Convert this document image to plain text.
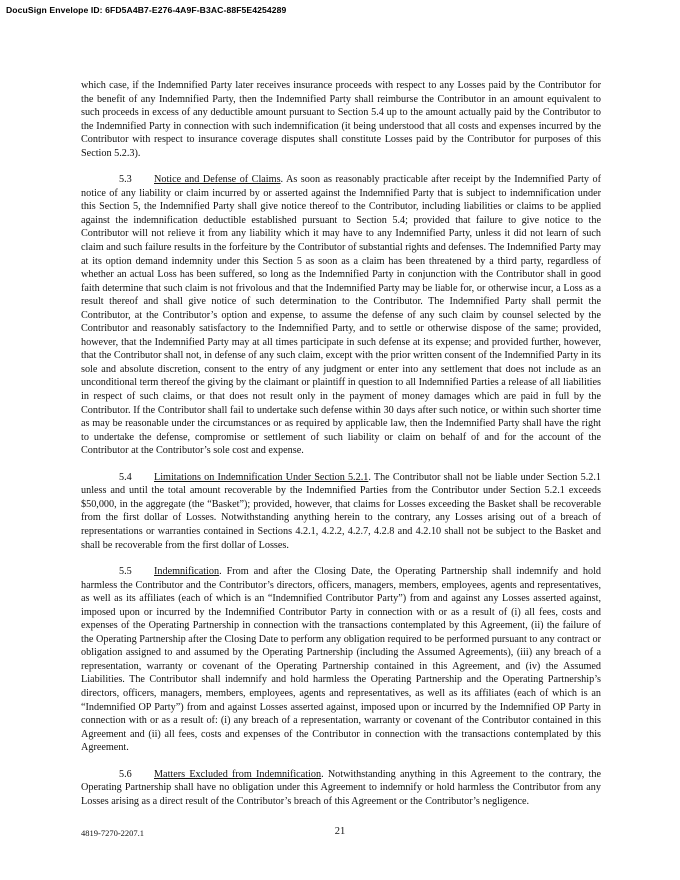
DocuSign Envelope ID: 6FD5A4B7-E276-4A9F-B3AC-88F5E4254289

which case, if the Indemnified Party later receives insurance proceeds with respect to any Losses paid by the Contributor for the benefit of any Indemnified Party, then the Indemnified Party shall reimburse the Contributor in an amount equivalent to such proceeds in excess of any deductible amount pursuant to Section 5.4 up to the amount actually paid by the Contributor to the Indemnified Party in connection with such indemnification (it being understood that all costs and expenses incurred by the Contributor with respect to insurance coverage disputes shall constitute Losses paid by the Contributor for purposes of this Section 5.2.3).

5.3 Notice and Defense of Claims. As soon as reasonably practicable after receipt by the Indemnified Party of notice of any liability or claim incurred by or asserted against the Indemnified Party that is subject to indemnification under this Section 5, the Indemnified Party shall give notice thereof to the Contributor, including liabilities or claims to be applied against the indemnification deductible established pursuant to Section 5.4; provided that failure to give notice to the Contributor will not relieve it from any liability which it may have to any Indemnified Party, unless it did not learn of such claim and such failure results in the forfeiture by the Contributor of substantial rights and defenses. The Indemnified Party may at its option demand indemnity under this Section 5 as soon as a claim has been threatened by a third party, regardless of whether an actual Loss has been suffered, so long as the Indemnified Party in conjunction with the Contributor shall in good faith determine that such claim is not frivolous and that the Indemnified Party may be liable for, or otherwise incur, a Loss as a result thereof and shall give notice of such determination to the Contributor. The Indemnified Party shall permit the Contributor, at the Contributor’s option and expense, to assume the defense of any such claim by counsel selected by the Contributor and reasonably satisfactory to the Indemnified Party, and to settle or otherwise dispose of the same; provided, however, that the Indemnified Party may at all times participate in such defense at its expense; and provided further, however, that the Contributor shall not, in defense of any such claim, except with the prior written consent of the Indemnified Party in its sole and absolute discretion, consent to the entry of any judgment or enter into any settlement that does not include as an unconditional term thereof the giving by the claimant or plaintiff in question to all Indemnified Parties a release of all liabilities in respect of such claims, or that does not result only in the payment of money damages which are paid in full by the Contributor. If the Contributor shall fail to undertake such defense within 30 days after such notice, or within such shorter time as may be reasonable under the circumstances or as required by applicable law, then the Indemnified Party shall have the right to undertake the defense, compromise or settlement of such liability or claim on behalf of and for the account of the Contributor at the Contributor’s sole cost and expense.

5.4 Limitations on Indemnification Under Section 5.2.1. The Contributor shall not be liable under Section 5.2.1 unless and until the total amount recoverable by the Indemnified Parties from the Contributor under Section 5.2.1 exceeds $50,000, in the aggregate (the “Basket”); provided, however, that claims for Losses exceeding the Basket shall be recoverable from the first dollar of Losses. Notwithstanding anything herein to the contrary, any Losses arising out of a breach of representations or warranties contained in Sections 4.2.1, 4.2.2, 4.2.7, 4.2.8 and 4.2.10 shall not be subject to the Basket and shall be recoverable from the first dollar of Losses.

5.5 Indemnification. From and after the Closing Date, the Operating Partnership shall indemnify and hold harmless the Contributor and the Contributor’s directors, officers, managers, members, employees, agents and representatives, as well as its affiliates (each of which is an “Indemnified Contributor Party”) from and against any Losses asserted against, imposed upon or incurred by the Indemnified Contributor Party in connection with or as a result of (i) all fees, costs and expenses of the Operating Partnership in connection with the transactions contemplated by this Agreement, (ii) the failure of the Operating Partnership after the Closing Date to perform any obligation required to be performed pursuant to any contract or obligation assigned to and assumed by the Operating Partnership (including the Assumed Agreements), (iii) any breach of a representation, warranty or covenant of the Operating Partnership contained in this Agreement, and (iv) the Assumed Liabilities. The Contributor shall indemnify and hold harmless the Operating Partnership and the Operating Partnership’s directors, officers, managers, members, employees, agents and representatives, as well as its affiliates (each of which is an “Indemnified OP Party”) from and against Losses asserted against, imposed upon or incurred by the Indemnified OP Party in connection with or as a result of: (i) any breach of a representation, warranty or covenant of the Contributor contained in this Agreement and (ii) all fees, costs and expenses of the Contributor in connection with the transactions contemplated by this Agreement.

5.6 Matters Excluded from Indemnification. Notwithstanding anything in this Agreement to the contrary, the Operating Partnership shall have no obligation under this Agreement to indemnify or hold harmless the Contributor from any Losses arising as a direct result of the Contributor’s breach of this Agreement or the Contributor’s negligence.

4819-7270-2207.1	21
